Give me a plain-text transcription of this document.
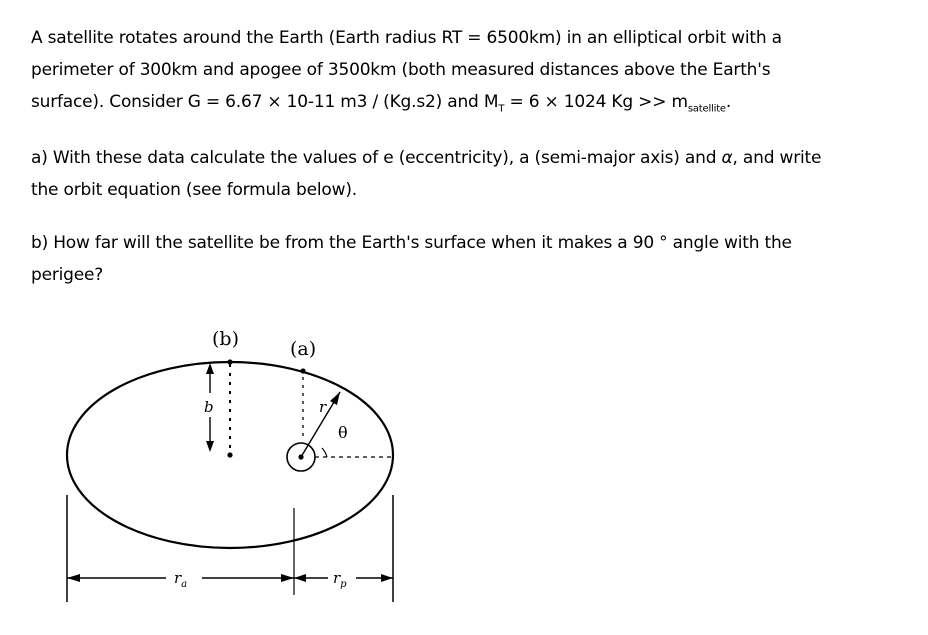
A satellite rotates around the Earth (Earth radius RT = 6500km) in an elliptical orbit with a
perimeter of 300km and apogee of 3500km (both measured distances above the Earth's
surface). Consider G = 6.67 × 10-11 m3 / (Kg.s2) and $M_T = 6 \times 1024$ $Kg >> m_{satellite}$.
a) With these data calculate the values of e (eccentricity), a (semi-major axis) and α, and write
the orbit equation (see formula below).
b) How far will the satellite be from the Earth's surface when it makes a 90 ° angle with the
perigee?
$r_a$	$r_p$
(b)
b
(a)
r
θ
